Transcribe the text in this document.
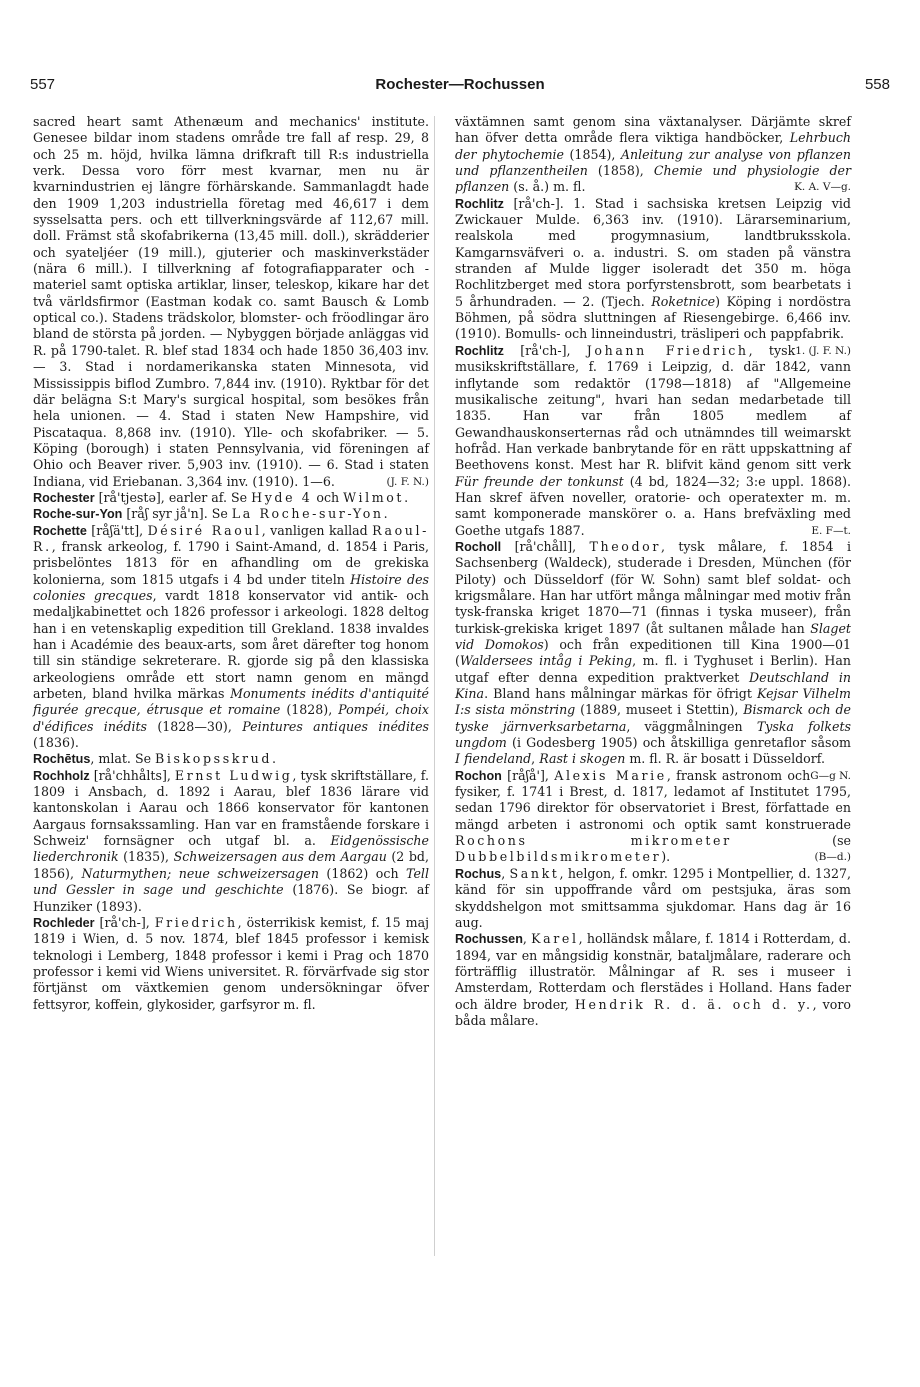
557	Rochester—Rochussen	558

sacred heart samt Athenæum and mechanics' institute. Genesee bildar inom stadens område tre fall af resp. 29, 8 och 25 m. höjd, hvilka lämna drifkraft till R:s industriella verk. Dessa voro förr mest kvarnar, men nu är kvarnindustrien ej längre förhärskande. Sammanlagdt hade den 1909 1,203 industriella företag med 46,617 i dem sysselsatta pers. och ett tillverkningsvärde af 112,67 mill. doll. Främst stå skofabrikerna (13,45 mill. doll.), skrädderier och syateljéer (19 mill.), gjuterier och maskinverkstäder (nära 6 mill.). I tillverkning af fotografiapparater och -materiel samt optiska artiklar, linser, teleskop, kikare har det två världsfirmor (Eastman kodak co. samt Bausch & Lomb optical co.). Stadens trädskolor, blomster- och fröodlingar äro bland de största på jorden. — Nybyggen började anläggas vid R. på 1790-talet. R. blef stad 1834 och hade 1850 36,403 inv. — 3. Stad i nordamerikanska staten Minnesota, vid Mississippis biflod Zumbro. 7,844 inv. (1910). Ryktbar för det där belägna S:t Mary's surgical hospital, som besökes från hela unionen. — 4. Stad i staten New Hampshire, vid Piscataqua. 8,868 inv. (1910). Ylle- och skofabriker. — 5. Köping (borough) i staten Pennsylvania, vid föreningen af Ohio och Beaver river. 5,903 inv. (1910). — 6. Stad i staten Indiana, vid Eriebanan. 3,364 inv. (1910). 1—6.	(J. F. N.)

Rochester [rå'tjestə], earler af. Se Hyde 4 och Wilmot.

Roche-sur-Yon [råʃ syr jå'n]. Se La Roche-sur-Yon.

Rochette [råʃä'tt], Désiré Raoul, vanligen kallad Raoul-R., fransk arkeolog, f. 1790 i Saint-Amand, d. 1854 i Paris, prisbelöntes 1813 för en afhandling om de grekiska kolonierna, som 1815 utgafs i 4 bd under titeln Histoire des colonies grecques, vardt 1818 konservator vid antik- och medaljkabinettet och 1826 professor i arkeologi. 1828 deltog han i en vetenskaplig expedition till Grekland. 1838 invaldes han i Académie des beaux-arts, som året därefter tog honom till sin ständige sekreterare. R. gjorde sig på den klassiska arkeologiens område ett stort namn genom en mängd arbeten, bland hvilka märkas Monuments inédits d'antiquité figurée grecque, étrusque et romaine (1828), Pompéi, choix d'édifices inédits (1828—30), Peintures antiques inédites (1836).

Rochētus, mlat. Se Biskopsskrud.

Rochholz [rå'chhålts], Ernst Ludwig, tysk skriftställare, f. 1809 i Ansbach, d. 1892 i Aarau, blef 1836 lärare vid kantonskolan i Aarau och 1866 konservator för kantonen Aargaus fornsakssamling. Han var en framstående forskare i Schweiz' fornsägner och utgaf bl. a. Eidgenössische liederchronik (1835), Schweizersagen aus dem Aargau (2 bd, 1856), Naturmythen; neue schweizersagen (1862) och Tell und Gessler in sage und geschichte (1876). Se biogr. af Hunziker (1893).

Rochleder [rå'ch-], Friedrich, österrikisk kemist, f. 15 maj 1819 i Wien, d. 5 nov. 1874, blef 1845 professor i kemisk teknologi i Lemberg, 1848 professor i kemi i Prag och 1870 professor i kemi vid Wiens universitet. R. förvärfvade sig stor förtjänst om växtkemien genom undersökningar öfver fettsyror, koffein, glykosider, garfsyror m. fl.

växtämnen samt genom sina växtanalyser. Därjämte skref han öfver detta område flera viktiga handböcker, Lehrbuch der phytochemie (1854), Anleitung zur analyse von pflanzen und pflanzentheilen (1858), Chemie und physiologie der pflanzen (s. å.) m. fl.	K. A. V—g.

Rochlitz [rå'ch-]. 1. Stad i sachsiska kretsen Leipzig vid Zwickauer Mulde. 6,363 inv. (1910). Lärarseminarium, realskola med progymnasium, landtbruksskola. Kamgarnsväfveri o. a. industri. S. om staden på vänstra stranden af Mulde ligger isoleradt det 350 m. höga Rochlitzberget med stora porfyrstensbrott, som bearbetats i 5 århundraden. — 2. (Tjech. Roketnice) Köping i nordöstra Böhmen, på södra sluttningen af Riesengebirge. 6,466 inv. (1910). Bomulls- och linneindustri, träsliperi och pappfabrik.
1. (J. F. N.)

Rochlitz [rå'ch-], Johann Friedrich, tysk musikskriftställare, f. 1769 i Leipzig, d. där 1842, vann inflytande som redaktör (1798—1818) af "Allgemeine musikalische zeitung", hvari han sedan medarbetade till 1835. Han var från 1805 medlem af Gewandhauskonserternas råd och utnämndes till weimarskt hofråd. Han verkade banbrytande för en rätt uppskattning af Beethovens konst. Mest har R. blifvit känd genom sitt verk Für freunde der tonkunst (4 bd, 1824—32; 3:e uppl. 1868). Han skref äfven noveller, oratorie- och operatexter m. m. samt komponerade manskörer o. a. Hans brefväxling med Goethe utgafs 1887.	E. F—t.

Rocholl [rå'chåll], Theodor, tysk målare, f. 1854 i Sachsenberg (Waldeck), studerade i Dresden, München (för Piloty) och Düsseldorf (för W. Sohn) samt blef soldat- och krigsmålare. Han har utfört många målningar med motiv från tysk-franska kriget 1870—71 (finnas i tyska museer), från turkisk-grekiska kriget 1897 (åt sultanen målade han Slaget vid Domokos) och från expeditionen till Kina 1900—01 (Waldersees intåg i Peking, m. fl. i Tyghuset i Berlin). Han utgaf efter denna expedition praktverket Deutschland in Kina. Bland hans målningar märkas för öfrigt Kejsar Vilhelm I:s sista mönstring (1889, museet i Stettin), Bismarck och de tyske järnverksarbetarna, väggmålningen Tyska folkets ungdom (i Godesberg 1905) och åtskilliga genretaflor såsom I fiendeland, Rast i skogen m. fl. R. är bosatt i Düsseldorf.
G—g N.

Rochon [råʃå'], Alexis Marie, fransk astronom och fysiker, f. 1741 i Brest, d. 1817, ledamot af Institutet 1795, sedan 1796 direktor för observatoriet i Brest, författade en mängd arbeten i astronomi och optik samt konstruerade Rochons mikrometer (se Dubbelbildsmikrometer).	(B—d.)

Rochus, Sankt, helgon, f. omkr. 1295 i Montpellier, d. 1327, känd för sin uppoffrande vård om pestsjuka, äras som skyddshelgon mot smittsamma sjukdomar. Hans dag är 16 aug.

Rochussen, Karel, holländsk målare, f. 1814 i Rotterdam, d. 1894, var en mångsidig konstnär, bataljmålare, raderare och förträfflig illustratör. Målningar af R. ses i museer i Amsterdam, Rotterdam och flerstädes i Holland. Hans fader och äldre broder, Hendrik R. d. ä. och d. y., voro båda målare.
